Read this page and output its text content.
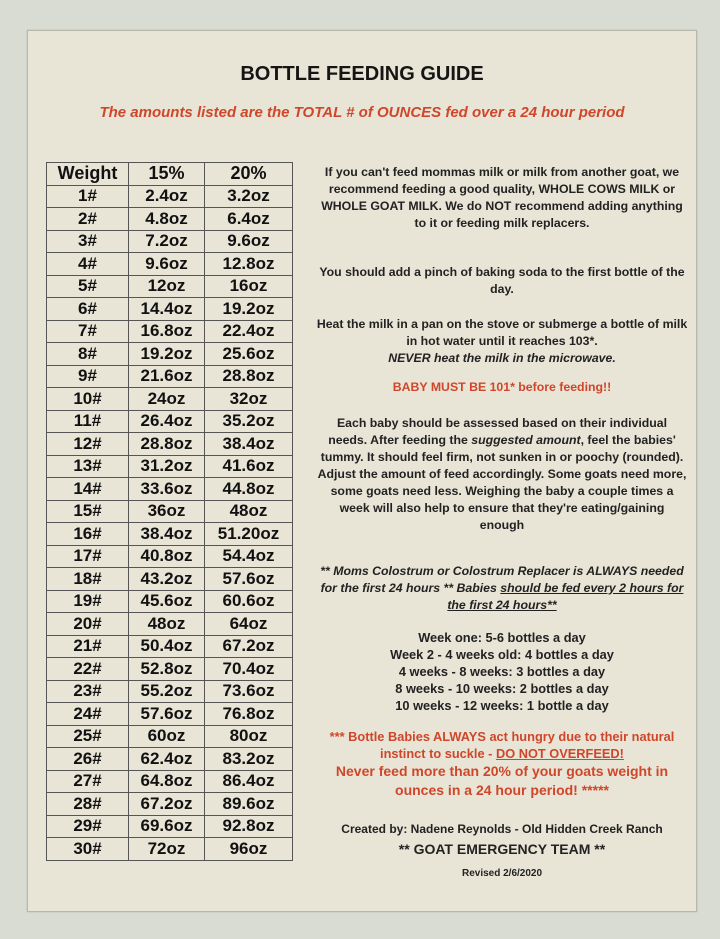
BOTTLE FEEDING GUIDE
The amounts listed are the TOTAL # of OUNCES fed over a 24 hour period
Weight	15%	20%
1#	2.4oz	3.2oz
2#	4.8oz	6.4oz
3#	7.2oz	9.6oz
4#	9.6oz	12.8oz
5#	12oz	16oz
6#	14.4oz	19.2oz
7#	16.8oz	22.4oz
8#	19.2oz	25.6oz
9#	21.6oz	28.8oz
10#	24oz	32oz
11#	26.4oz	35.2oz
12#	28.8oz	38.4oz
13#	31.2oz	41.6oz
14#	33.6oz	44.8oz
15#	36oz	48oz
16#	38.4oz	51.20oz
17#	40.8oz	54.4oz
18#	43.2oz	57.6oz
19#	45.6oz	60.6oz
20#	48oz	64oz
21#	50.4oz	67.2oz
22#	52.8oz	70.4oz
23#	55.2oz	73.6oz
24#	57.6oz	76.8oz
25#	60oz	80oz
26#	62.4oz	83.2oz
27#	64.8oz	86.4oz
28#	67.2oz	89.6oz
29#	69.6oz	92.8oz
30#	72oz	96oz
If you can't feed mommas milk or milk from another goat, we recommend feeding a good quality, WHOLE COWS MILK or WHOLE GOAT MILK. We do NOT recommend adding anything to it or feeding milk replacers.
You should add a pinch of baking soda to the first bottle of the day.
Heat the milk in a pan on the stove or submerge a bottle of milk in hot water until it reaches 103*.
NEVER heat the milk in the microwave.
BABY MUST BE 101* before feeding!!
Each baby should be assessed based on their individual needs. After feeding the suggested amount, feel the babies' tummy. It should feel firm, not sunken in or poochy (rounded). Adjust the amount of feed accordingly. Some goats need more, some goats need less. Weighing the baby a couple times a week will also help to ensure that they're eating/gaining enough
** Moms Colostrum or Colostrum Replacer is ALWAYS needed for the first 24 hours ** Babies should be fed every 2 hours for the first 24 hours**
Week one: 5-6 bottles a day
Week 2 - 4 weeks old: 4 bottles a day
4 weeks - 8 weeks: 3 bottles a day
8 weeks - 10 weeks: 2 bottles a day
10 weeks - 12 weeks: 1 bottle a day
*** Bottle Babies ALWAYS act hungry due to their natural instinct to suckle - DO NOT OVERFEED!
Never feed more than 20% of your goats weight in ounces in a 24 hour period! *****
Created by: Nadene Reynolds - Old Hidden Creek Ranch
** GOAT EMERGENCY TEAM **
Revised 2/6/2020
